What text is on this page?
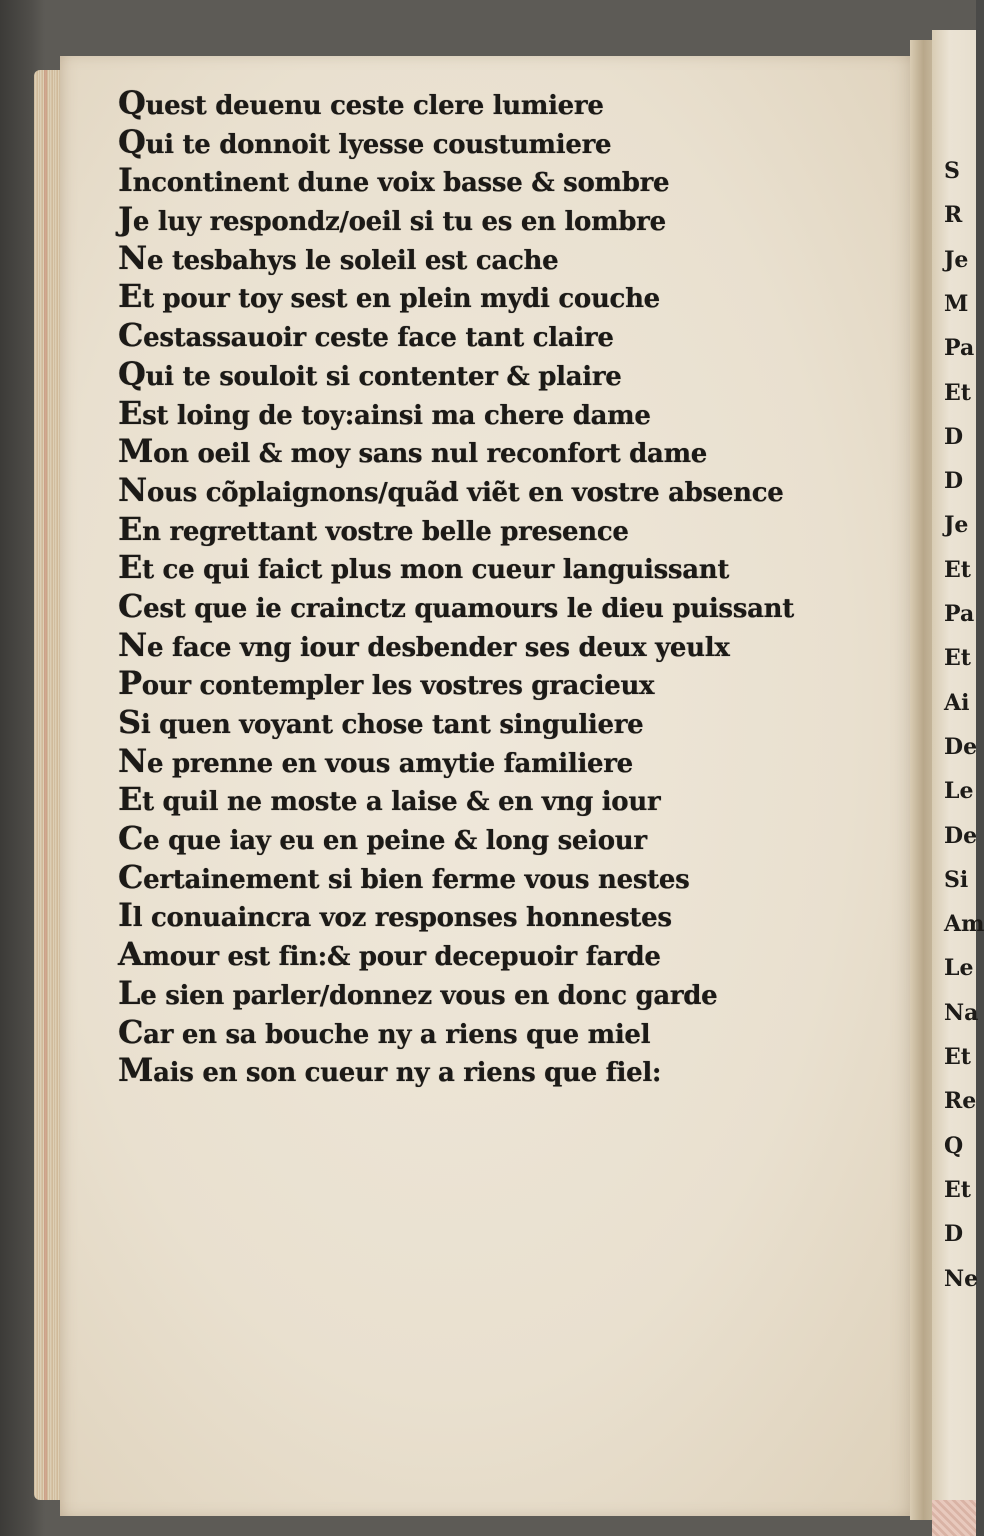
S
R
Je
M
Pa
Et
D
D
Je
Et
Pa
Et
Ai
De
Le
De
Si
Am
Le
Na
Et
Re
Q
Et
D
Ne
Quest deuenu ceste clere lumiere
Qui te donnoit lyesse coustumiere
Incontinent dune voix basse & sombre
Je luy respondz/oeil si tu es en lombre
Ne tesbahys le soleil est cache
Et pour toy sest en plein mydi couche
Cestassauoir ceste face tant claire
Qui te souloit si contenter & plaire
Est loing de toy:ainsi ma chere dame
Mon oeil & moy sans nul reconfort dame
Nous cõplaignons/quãd viẽt en vostre absence
En regrettant vostre belle presence
Et ce qui faict plus mon cueur languissant
Cest que ie crainctz quamours le dieu puissant
Ne face vng iour desbender ses deux yeulx
Pour contempler les vostres gracieux
Si quen voyant chose tant singuliere
Ne prenne en vous amytie familiere
Et quil ne moste a laise & en vng iour
Ce que iay eu en peine & long seiour
Certainement si bien ferme vous nestes
Il conuaincra voz responses honnestes
Amour est fin:& pour decepuoir farde
Le sien parler/donnez vous en donc garde
Car en sa bouche ny a riens que miel
Mais en son cueur ny a riens que fiel:
